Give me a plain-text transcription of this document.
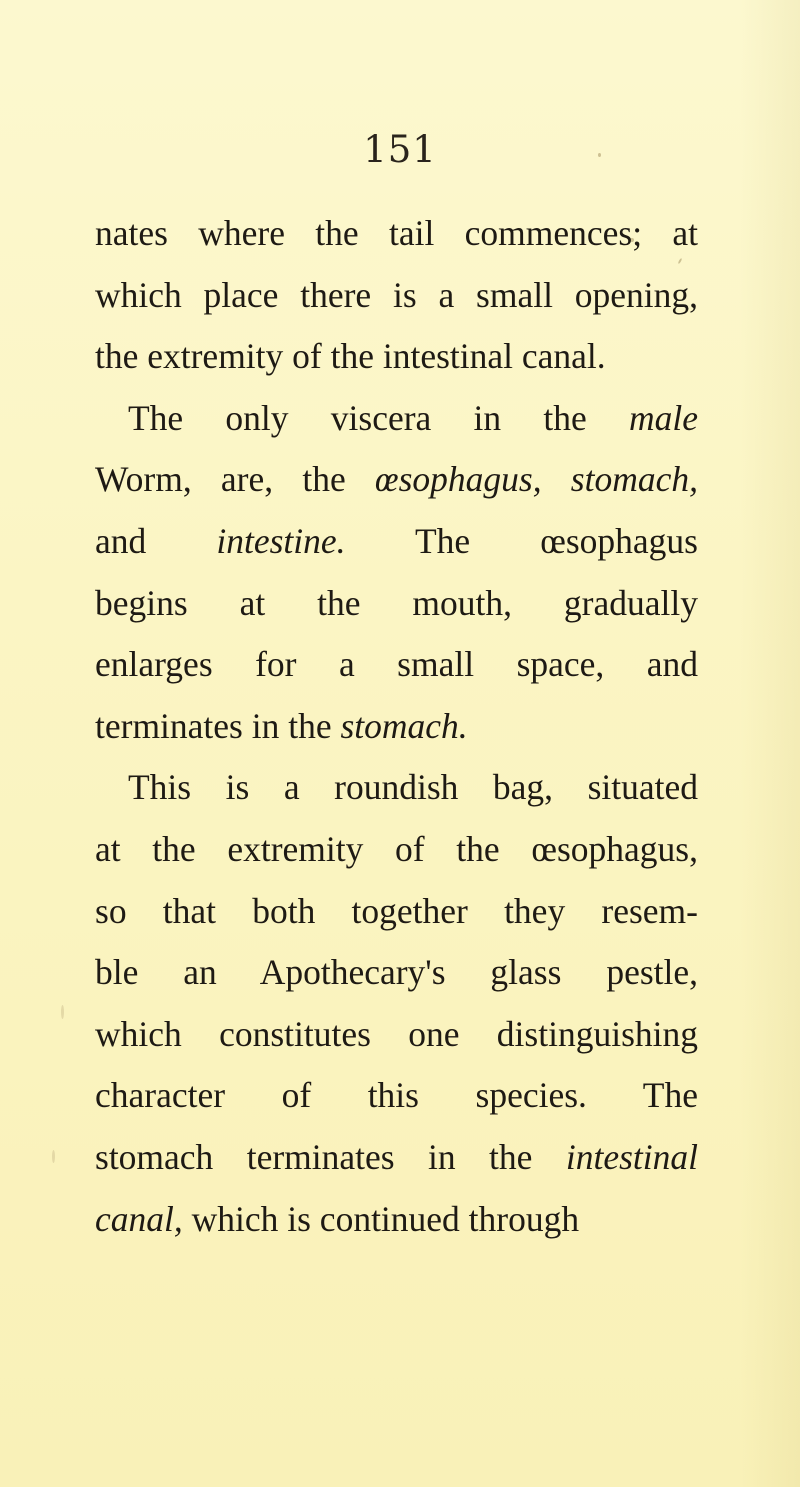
151
nates where the tail commences; at
which place there is a small opening,
the extremity of the intestinal canal.
The only viscera in the male
Worm, are, the œsophagus, stomach,
and intestine. The œsophagus
begins at the mouth, gradually
enlarges for a small space, and
terminates in the stomach.
This is a roundish bag, situated
at the extremity of the œsophagus,
so that both together they resem-
ble an Apothecary's glass pestle,
which constitutes one distinguishing
character of this species. The
stomach terminates in the intestinal
canal, which is continued through
